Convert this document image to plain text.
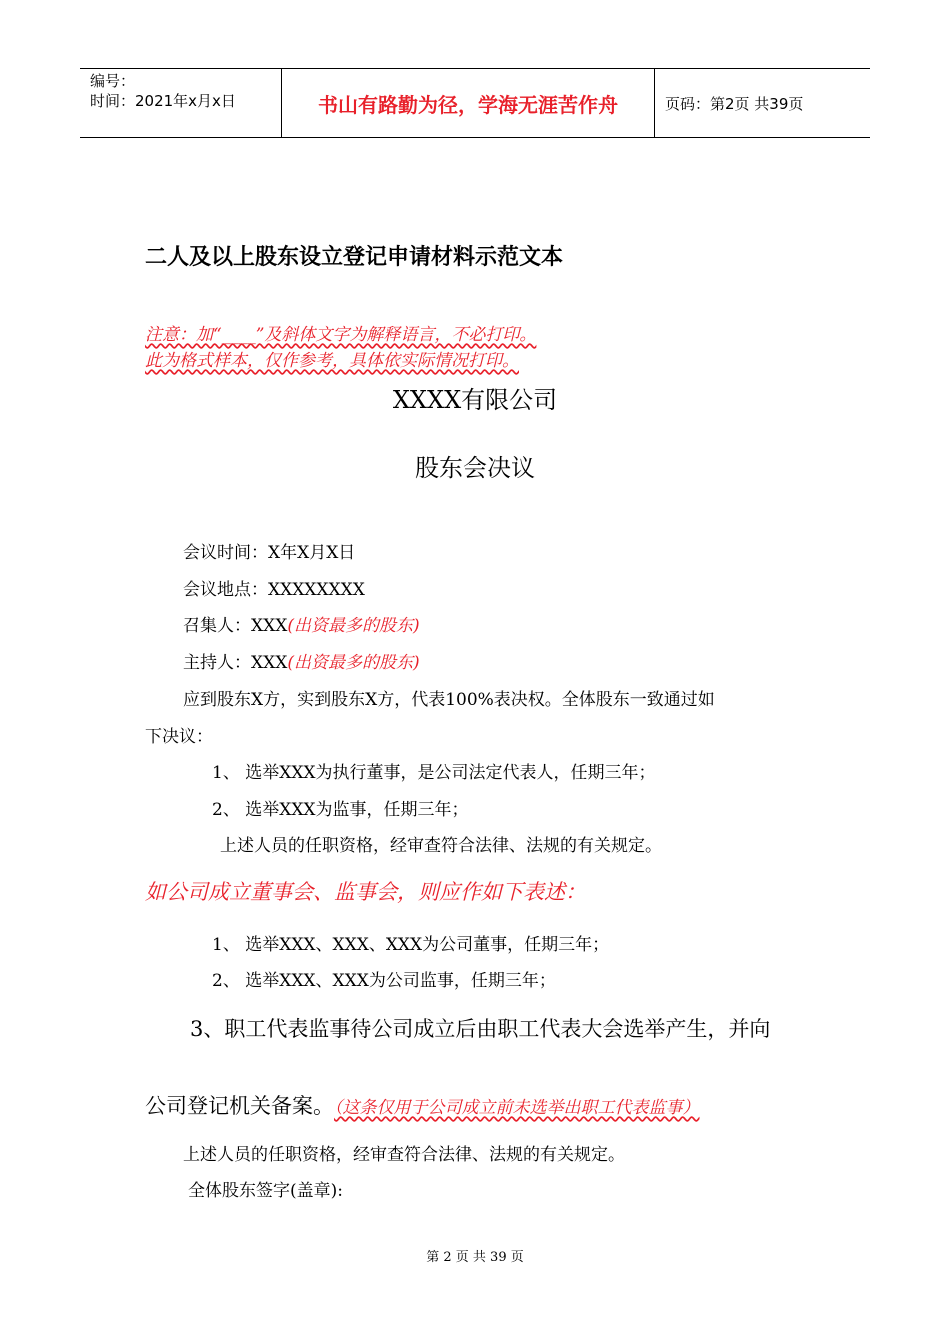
编号：
时间：2021年x月x日	书山有路勤为径，学海无涯苦作舟	页码：第2页 共39页
二人及以上股东设立登记申请材料示范文本
注意：加“____”及斜体文字为解释语言，不必打印。
此为格式样本，仅作参考，具体依实际情况打印。
XXXX有限公司
股东会决议
会议时间：X年X月X日
会议地点：XXXXXXXX
召集人：XXX(出资最多的股东)
主持人：XXX(出资最多的股东)
应到股东X方，实到股东X方，代表100%表决权。全体股东一致通过如
下决议：
1、 选举XXX为执行董事，是公司法定代表人，任期三年；
2、 选举XXX为监事，任期三年；
上述人员的任职资格，经审查符合法律、法规的有关规定。
如公司成立董事会、监事会，则应作如下表述：
1、 选举XXX、XXX、XXX为公司董事，任期三年；
2、 选举XXX、XXX为公司监事，任期三年；
3、职工代表监事待公司成立后由职工代表大会选举产生，并向
公司登记机关备案。（这条仅用于公司成立前未选举出职工代表监事）
上述人员的任职资格，经审查符合法律、法规的有关规定。
全体股东签字(盖章):
第 2 页 共 39 页
